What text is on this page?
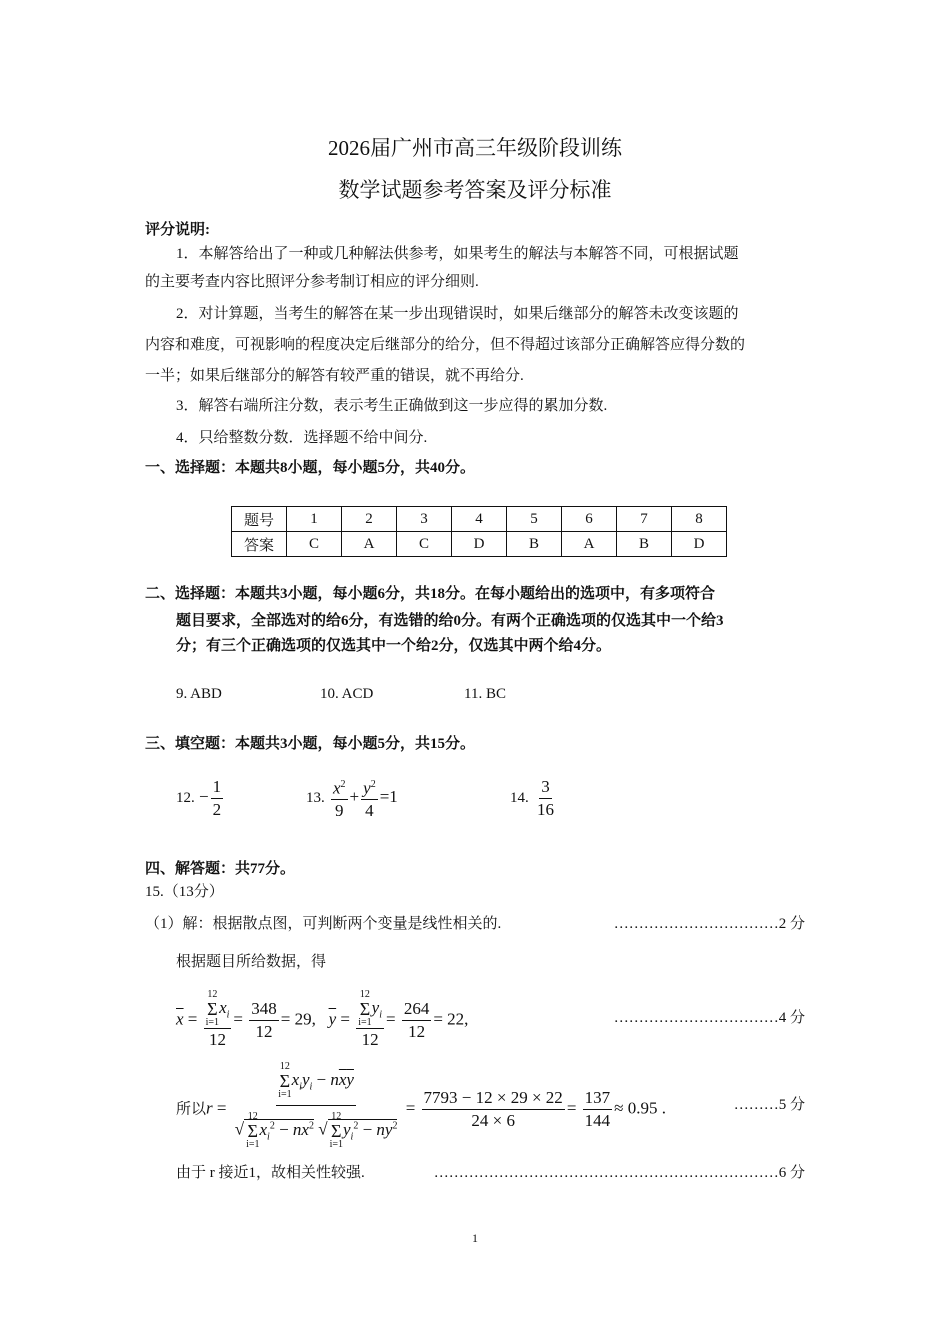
2026届广州市高三年级阶段训练
数学试题参考答案及评分标准
评分说明:
1．本解答给出了一种或几种解法供参考，如果考生的解法与本解答不同，可根据试题
的主要考查内容比照评分参考制订相应的评分细则.
2．对计算题，当考生的解答在某一步出现错误时，如果后继部分的解答未改变该题的
内容和难度，可视影响的程度决定后继部分的给分，但不得超过该部分正确解答应得分数的
一半；如果后继部分的解答有较严重的错误，就不再给分.
3．解答右端所注分数，表示考生正确做到这一步应得的累加分数.
4．只给整数分数．选择题不给中间分.
一、选择题：本题共8小题，每小题5分，共40分。
题号	1	2	3	4	5	6	7	8
答案	C	A	C	D	B	A	B	D
二、选择题：本题共3小题，每小题6分，共18分。在每小题给出的选项中，有多项符合
题目要求，全部选对的给6分，有选错的给0分。有两个正确选项的仅选其中一个给3
分；有三个正确选项的仅选其中一个给2分，仅选其中两个给4分。
9. ABD	10. ACD	11. BC
三、填空题：本题共3小题，每小题5分，共15分。
12. − $\frac{1}{2}$	13. $\frac{x^2}{9} + \frac{y^2}{4} =1$	14. $\frac{3}{16}$
四、解答题：共77分。
15.（13分）
（1）解：根据散点图，可判断两个变量是线性相关的.	……………………………2 分
根据题目所给数据，得
$\overline{x} = 12$
Σ
i=1
$x_i$
$12 = \frac{348}{12} = 29$, $\overline{y} = 12$
Σ
i=1
$y_i$
$12 = \frac{264}{12} = 22$,	……………………………4 分
所以r = 12
Σ
i=1
$x_iy_i - n\overline{x}\overline{y}$
√
12
Σ
i=1
$x_i^2 - n\overline{x}^2$ √
12
Σ
i=1
$y_i^2 - n\overline{y}^2 = \frac{7793 - 12 \times 29 \times 22}{24 \times 6} = \frac{137}{144} \approx 0.95$ .	………5 分
由于 r 接近1，故相关性较强.	……………………………………………………………6 分
1
